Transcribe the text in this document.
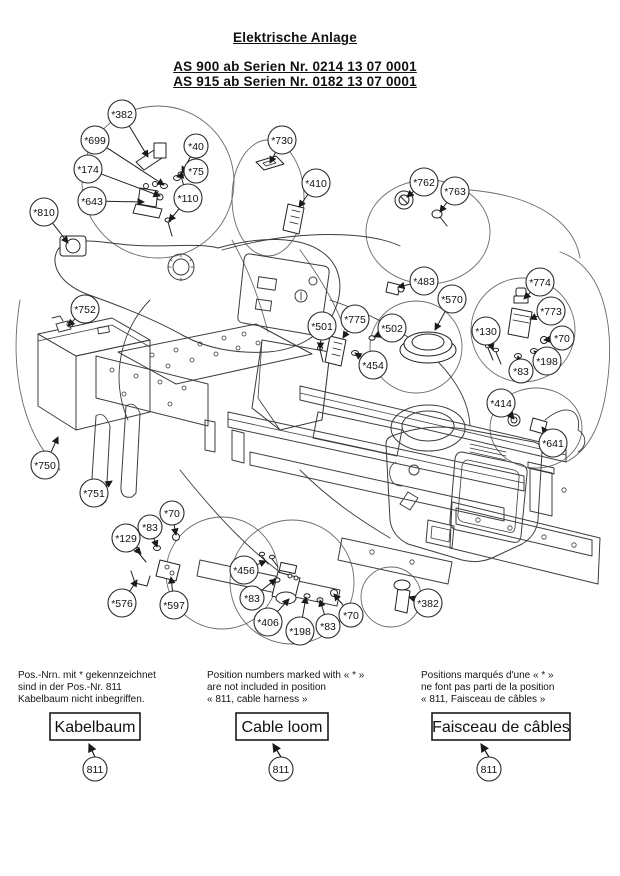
Elektrische Anlage
AS 900 ab Serien Nr. 0214 13 07 0001
AS 915 ab Serien Nr. 0182 13 07 0001
*382
*699
*174
*643
*810
*40
*75
*110
*730
*410	*762
*763
*483
*570
*774
*773
*130
*70
*198
*83
*414
*641
*501
*775
*502
*454
*752
*750
*751
*70
*83
*129
*576	*597
*456
*83
*406
*198 *83
*70
*382
Pos.-Nrn. mit * gekennzeichnet
sind in der Pos.-Nr. 811
Kabelbaum nicht inbegriffen.
Kabelbaum
811
Position numbers marked with « * »
are not included in position
« 811, cable harness »
Cable loom
811
Positions marqués d'une « * »
ne font pas parti de la position
« 811, Faisceau de câbles »
Faisceau de câbles
811
